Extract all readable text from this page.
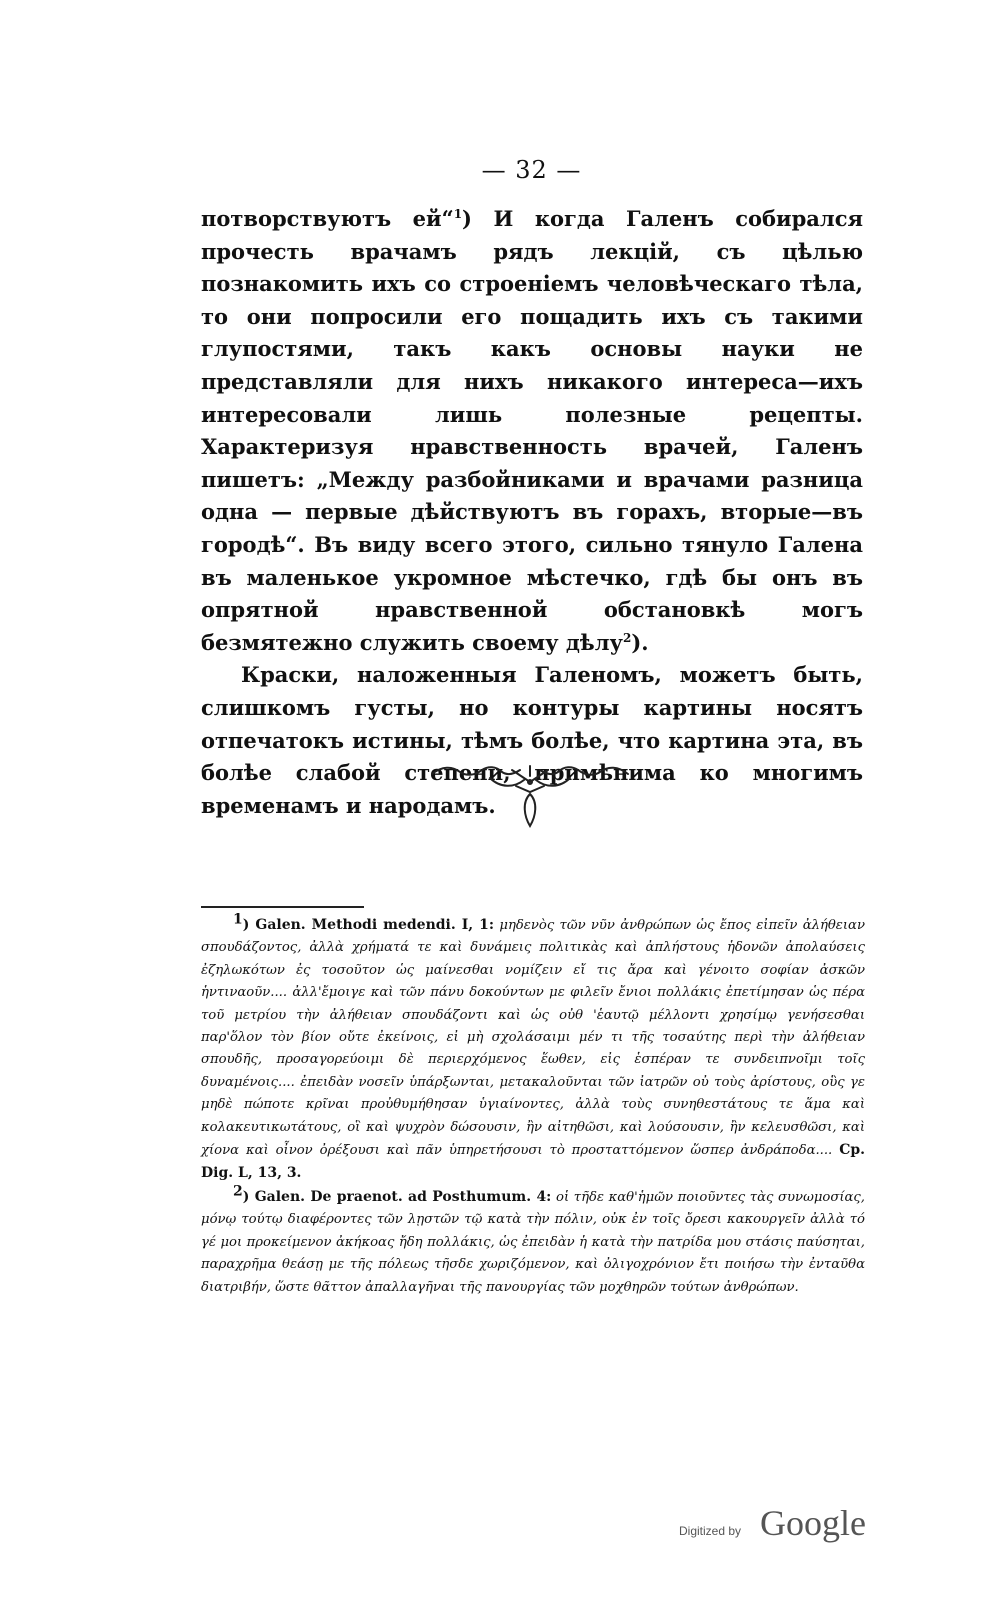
— 32 —

потворствуютъ ей“$^1$) И когда Галенъ собирался прочесть врачамъ рядъ лекцій, съ цѣлью познакомить ихъ со строеніемъ человѣческаго тѣла, то они попросили его пощадить ихъ съ такими глупостями, такъ какъ основы науки не представляли для нихъ никакого интереса—ихъ интересовали лишь полезные рецепты. Характеризуя нравственность врачей, Галенъ пишетъ: „Между разбойниками и врачами разница одна — первые дѣйствуютъ въ горахъ, вторые—въ городѣ“. Въ виду всего этого, сильно тянуло Галена въ маленькое укромное мѣстечко, гдѣ бы онъ въ опрятной нравственной обстановкѣ могъ безмятежно служить своему дѣлу$^2$).

Краски, наложенныя Галеномъ, можетъ быть, слишкомъ густы, но контуры картины носятъ отпечатокъ истины, тѣмъ болѣе, что картина эта, въ болѣе слабой степени, примѣнима ко многимъ временамъ и народамъ.

$^1$) Galen. Methodi medendi. I, 1: μηδενὸς τῶν νῦν ἀνθρώπων ὡς ἔπος εἰπεῖν ἀλήθειαν σπουδάζοντος, ἀλλὰ χρήματά τε καὶ δυνάμεις πολιτικὰς καὶ ἀπλήστους ἡδονῶν ἀπολαύσεις ἐζηλωκότων ἐς τοσοῦτον ὡς μαίνεσθαι νομίζειν εἴ τις ἄρα καὶ γένοιτο σοφίαν ἀσκῶν ἡντιναοῦν.... ἀλλ'ἔμοιγε καὶ τῶν πάνυ δοκούντων με φιλεῖν ἔνιοι πολλάκις ἐπετίμησαν ὡς πέρα τοῦ μετρίου τὴν ἀλήθειαν σπουδάζοντι καὶ ὡς οὐθ 'ἑαυτῷ μέλλοντι χρησίμῳ γενήσεσθαι παρ'ὅλον τὸν βίον οὔτε ἐκείνοις, εἰ μὴ σχολάσαιμι μέν τι τῆς τοσαύτης περὶ τὴν ἀλήθειαν σπουδῆς, προσαγορεύοιμι δὲ περιερχόμενος ἕωθεν, εἰς ἑσπέραν τε συνδειπνοῖμι τοῖς δυναμένοις.... ἐπειδὰν νοσεῖν ὑπάρξωνται, μετακαλοῦνται τῶν ἰατρῶν οὐ τοὺς ἀρίστους, οὓς γε μηδὲ πώποτε κρῖναι προὐθυμήθησαν ὑγιαίνοντες, ἀλλὰ τοὺς συνηθεστάτους τε ἅμα καὶ κολακευτικωτάτους, οἳ καὶ ψυχρὸν δώσουσιν, ἢν αἰτηθῶσι, καὶ λούσουσιν, ἢν κελευσθῶσι, καὶ χίονα καὶ οἶνον ὀρέξουσι καὶ πᾶν ὑπηρετήσουσι τὸ προσταττόμενον ὥσπερ ἀνδράποδα.... Cp. Dig. L, 13, 3.

$^2$) Galen. De praenot. ad Posthumum. 4: οἱ τῆδε καθ'ἡμῶν ποιοῦντες τὰς συνωμοσίας, μόνῳ τούτῳ διαφέροντες τῶν λῃστῶν τῷ κατὰ τὴν πόλιν, οὐκ ἐν τοῖς ὄρεσι κακουργεῖν ἀλλὰ τό γέ μοι προκείμενον ἀκήκοας ἤδη πολλάκις, ὡς ἐπειδὰν ἡ κατὰ τὴν πατρίδα μου στάσις παύσηται, παραχρῆμα θεάσῃ με τῆς πόλεως τῆσδε χωριζόμενον, καὶ ὀλιγοχρόνιον ἔτι ποιήσω τὴν ἐνταῦθα διατριβήν, ὥστε θᾶττον ἀπαλλαγῆναι τῆς πανουργίας τῶν μοχθηρῶν τούτων ἀνθρώπων.

Digitized by Google
